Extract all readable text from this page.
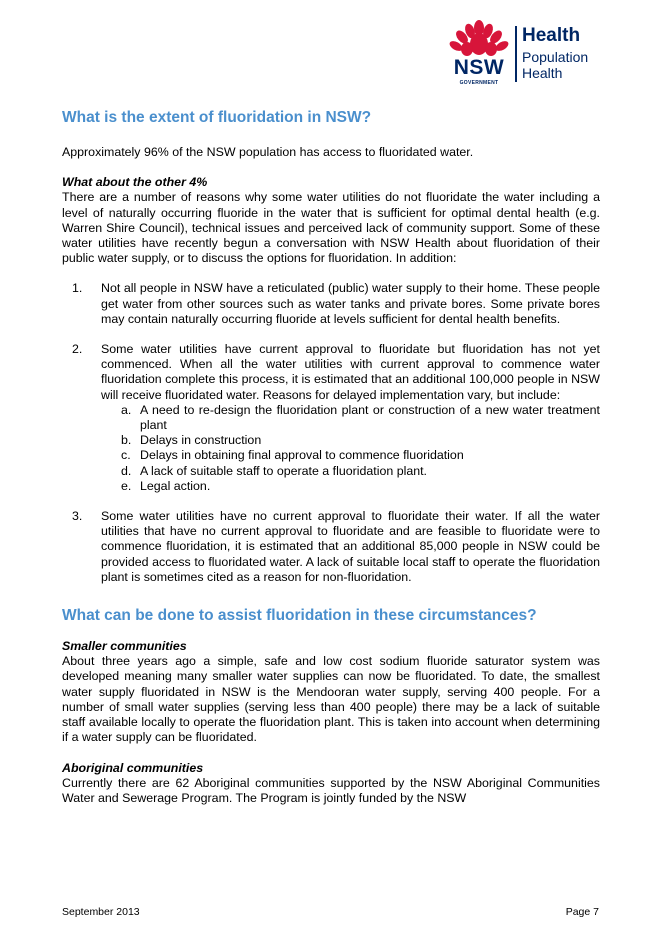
NSW
GOVERNMENT
Health
Population
Health
What is the extent of fluoridation in NSW?

Approximately 96% of the NSW population has access to fluoridated water.

What about the other 4%

There are a number of reasons why some water utilities do not fluoridate the water including a level of naturally occurring fluoride in the water that is sufficient for optimal dental health (e.g. Warren Shire Council), technical issues and perceived lack of community support. Some of these water utilities have recently begun a conversation with NSW Health about fluoridation of their public water supply, or to discuss the options for fluoridation. In addition:

1. Not all people in NSW have a reticulated (public) water supply to their home. These people get water from other sources such as water tanks and private bores. Some private bores may contain naturally occurring fluoride at levels sufficient for dental health benefits.
2. Some water utilities have current approval to fluoridate but fluoridation has not yet commenced. When all the water utilities with current approval to commence water fluoridation complete this process, it is estimated that an additional 100,000 people in NSW will receive fluoridated water. Reasons for delayed implementation vary, but include:
a. A need to re-design the fluoridation plant or construction of a new water treatment plant
b. Delays in construction
c. Delays in obtaining final approval to commence fluoridation
d. A lack of suitable staff to operate a fluoridation plant.
e. Legal action.
3. Some water utilities have no current approval to fluoridate their water. If all the water utilities that have no current approval to fluoridate and are feasible to fluoridate were to commence fluoridation, it is estimated that an additional 85,000 people in NSW could be provided access to fluoridated water. A lack of suitable local staff to operate the fluoridation plant is sometimes cited as a reason for non-fluoridation.
What can be done to assist fluoridation in these circumstances?

Smaller communities

About three years ago a simple, safe and low cost sodium fluoride saturator system was developed meaning many smaller water supplies can now be fluoridated. To date, the smallest water supply fluoridated in NSW is the Mendooran water supply, serving 400 people. For a number of small water supplies (serving less than 400 people) there may be a lack of suitable staff available locally to operate the fluoridation plant. This is taken into account when determining if a water supply can be fluoridated.

Aboriginal communities

Currently there are 62 Aboriginal communities supported by the NSW Aboriginal Communities Water and Sewerage Program. The Program is jointly funded by the NSW

September 2013	Page 7
